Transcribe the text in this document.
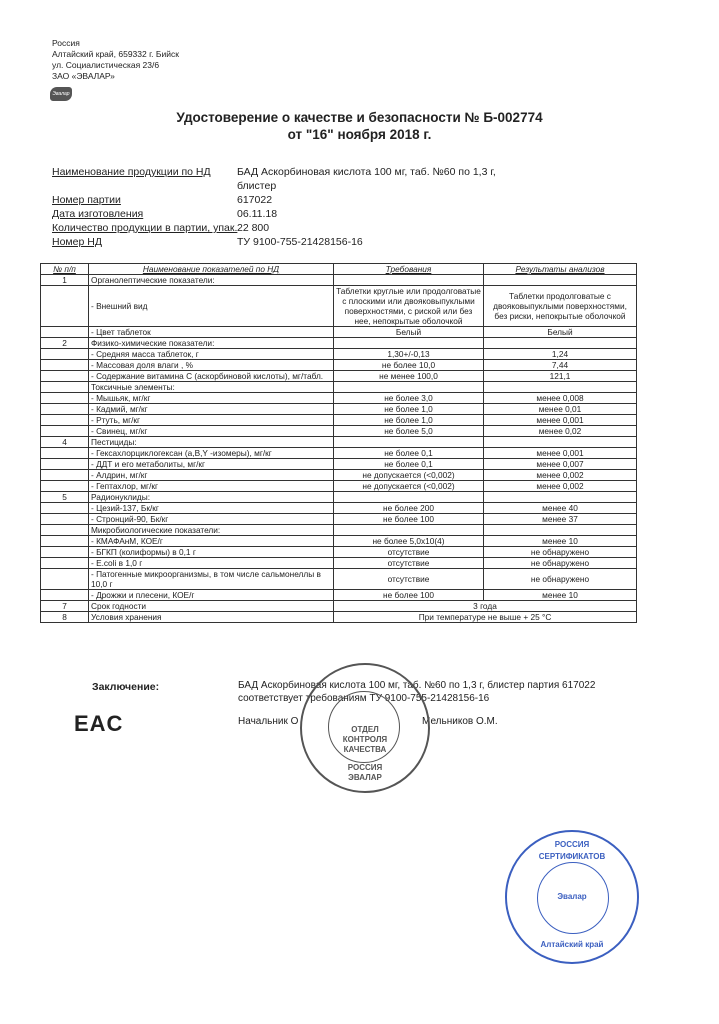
Россия
Алтайский край, 659332 г. Бийск
ул. Социалистическая 23/6
ЗАО «ЭВАЛАР»
Эвалар
Удостоверение о качестве и безопасности № Б-002774
от "16" ноября 2018 г.
Наименование продукции по НД	БАД Аскорбиновая кислота 100 мг, таб. №60 по 1,3 г,
блистер
Номер партии	617022
Дата изготовления	06.11.18
Количество продукции в партии, упак. 22 800
Номер НД	ТУ 9100-755-21428156-16
№ п/п	Наименование показателей по НД	Требования	Результаты анализов
1	Органолептические показатели:		
	- Внешний вид	Таблетки круглые или продолговатые с плоскими или двояковыпуклыми поверхностями, с риской или без нее, непокрытые оболочкой	Таблетки продолговатые с двояковыпуклыми поверхностями, без риски, непокрытые оболочкой
	- Цвет таблеток	Белый	Белый
2	Физико-химические показатели:		
	- Средняя масса таблеток, г	1,30+/-0,13	1,24
	- Массовая доля влаги , %	не более 10,0	7,44
	- Содержание витамина С (аскорбиновой кислоты), мг/табл.	не менее 100,0	121,1
	Токсичные элементы:		
	- Мышьяк, мг/кг	не более 3,0	менее 0,008
	- Кадмий, мг/кг	не более 1,0	менее 0,01
	- Ртуть, мг/кг	не более 1,0	менее 0,001
	- Свинец, мг/кг	не более 5,0	менее 0,02
4	Пестициды:		
	- Гексахлорциклогексан (a,B,Y -изомеры), мг/кг	не более 0,1	менее 0,001
	- ДДТ и его метаболиты, мг/кг	не более 0,1	менее 0,007
	- Алдрин, мг/кг	не допускается (<0,002)	менее 0,002
	- Гептахлор, мг/кг	не допускается (<0,002)	менее 0,002
5	Радионуклиды:		
	- Цезий-137, Бк/кг	не более 200	менее 40
	- Стронций-90, Бк/кг	не более 100	менее 37
	Микробиологические показатели:		
	- КМАФАнМ, КОЕ/г	не более 5,0х10(4)	менее 10
	- БГКП (колиформы) в 0,1 г	отсутствие	не обнаружено
	- E.coli в 1,0 г	отсутствие	не обнаружено
	- Патогенные микроорганизмы, в том числе сальмонеллы в 10,0 г	отсутствие	не обнаружено
	- Дрожжи и плесени, КОЕ/г	не более 100	менее 10
7	Срок годности	3 года	
8	Условия хранения	При температуре не выше + 25 °С	
Заключение:	БАД Аскорбиновая кислота 100 мг, таб. №60 по 1,3 г, блистер партия 617022
соответствует требованиям ТУ 9100-755-21428156-16
Начальник О	Мельников О.М.
EAC	ОТДЕЛ
КОНТРОЛЯ
КАЧЕСТВА
РОССИЯ
ЭВАЛАР
РОССИЯ
СЕРТИФИКАТОВ
Эвалар
Алтайский край
